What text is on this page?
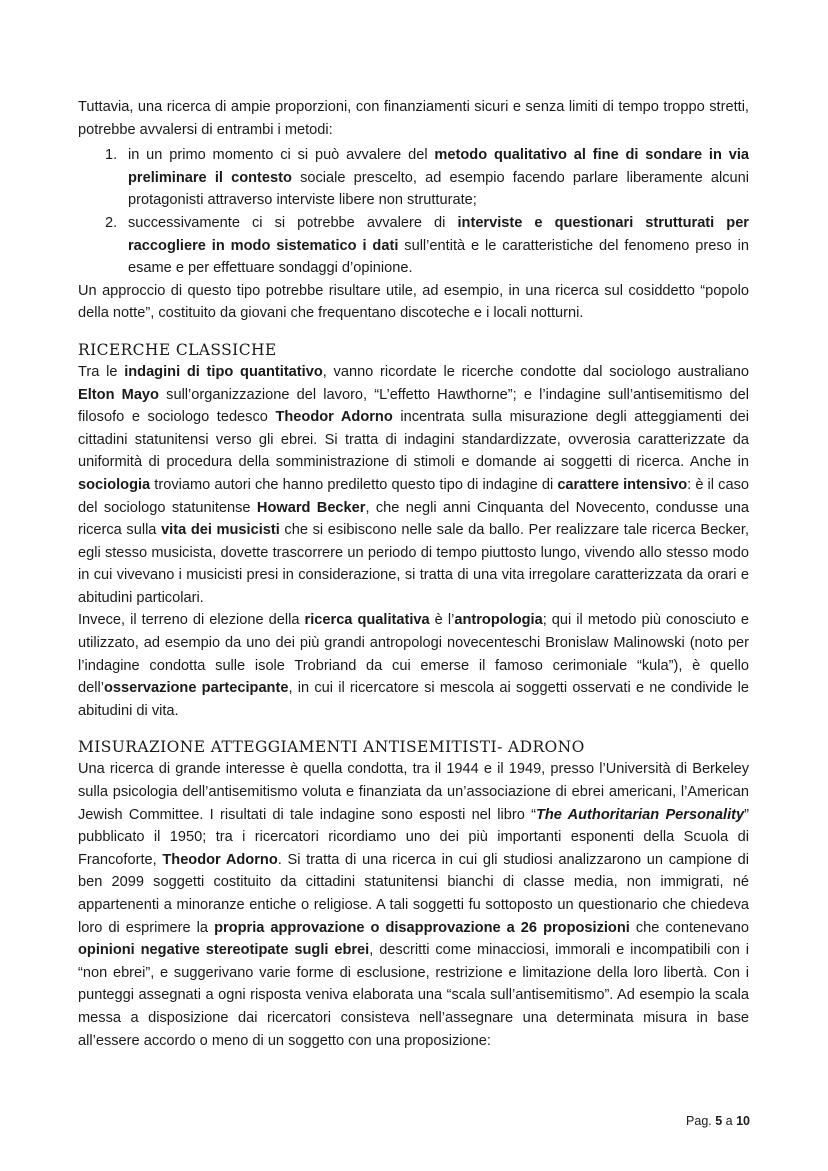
Tuttavia, una ricerca di ampie proporzioni, con finanziamenti sicuri e senza limiti di tempo troppo stretti, potrebbe avvalersi di entrambi i metodi:

1. in un primo momento ci si può avvalere del metodo qualitativo al fine di sondare in via preliminare il contesto sociale prescelto, ad esempio facendo parlare liberamente alcuni protagonisti attraverso interviste libere non strutturate;
2. successivamente ci si potrebbe avvalere di interviste e questionari strutturati per raccogliere in modo sistematico i dati sull’entità e le caratteristiche del fenomeno preso in esame e per effettuare sondaggi d’opinione.

Un approccio di questo tipo potrebbe risultare utile, ad esempio, in una ricerca sul cosiddetto “popolo della notte”, costituito da giovani che frequentano discoteche e i locali notturni.

RICERCHE CLASSICHE

Tra le indagini di tipo quantitativo, vanno ricordate le ricerche condotte dal sociologo australiano Elton Mayo sull’organizzazione del lavoro, “L’effetto Hawthorne”; e l’indagine sull’antisemitismo del filosofo e sociologo tedesco Theodor Adorno incentrata sulla misurazione degli atteggiamenti dei cittadini statunitensi verso gli ebrei. Si tratta di indagini standardizzate, ovverosia caratterizzate da uniformità di procedura della somministrazione di stimoli e domande ai soggetti di ricerca. Anche in sociologia troviamo autori che hanno prediletto questo tipo di indagine di carattere intensivo: è il caso del sociologo statunitense Howard Becker, che negli anni Cinquanta del Novecento, condusse una ricerca sulla vita dei musicisti che si esibiscono nelle sale da ballo. Per realizzare tale ricerca Becker, egli stesso musicista, dovette trascorrere un periodo di tempo piuttosto lungo, vivendo allo stesso modo in cui vivevano i musicisti presi in considerazione, si tratta di una vita irregolare caratterizzata da orari e abitudini particolari.

Invece, il terreno di elezione della ricerca qualitativa è l’antropologia; qui il metodo più conosciuto e utilizzato, ad esempio da uno dei più grandi antropologi novecenteschi Bronislaw Malinowski (noto per l’indagine condotta sulle isole Trobriand da cui emerse il famoso cerimoniale “kula”), è quello dell’osservazione partecipante, in cui il ricercatore si mescola ai soggetti osservati e ne condivide le abitudini di vita.

MISURAZIONE ATTEGGIAMENTI ANTISEMITISTI- ADRONO

Una ricerca di grande interesse è quella condotta, tra il 1944 e il 1949, presso l’Università di Berkeley sulla psicologia dell’antisemitismo voluta e finanziata da un’associazione di ebrei americani, l’American Jewish Committee. I risultati di tale indagine sono esposti nel libro “The Authoritarian Personality” pubblicato il 1950; tra i ricercatori ricordiamo uno dei più importanti esponenti della Scuola di Francoforte, Theodor Adorno. Si tratta di una ricerca in cui gli studiosi analizzarono un campione di ben 2099 soggetti costituito da cittadini statunitensi bianchi di classe media, non immigrati, né appartenenti a minoranze entiche o religiose. A tali soggetti fu sottoposto un questionario che chiedeva loro di esprimere la propria approvazione o disapprovazione a 26 proposizioni che contenevano opinioni negative stereotipate sugli ebrei, descritti come minacciosi, immorali e incompatibili con i “non ebrei”, e suggerivano varie forme di esclusione, restrizione e limitazione della loro libertà. Con i punteggi assegnati a ogni risposta veniva elaborata una “scala sull’antisemitismo”. Ad esempio la scala messa a disposizione dai ricercatori consisteva nell’assegnare una determinata misura in base all’essere accordo o meno di un soggetto con una proposizione:

Pag. 5 a 10
